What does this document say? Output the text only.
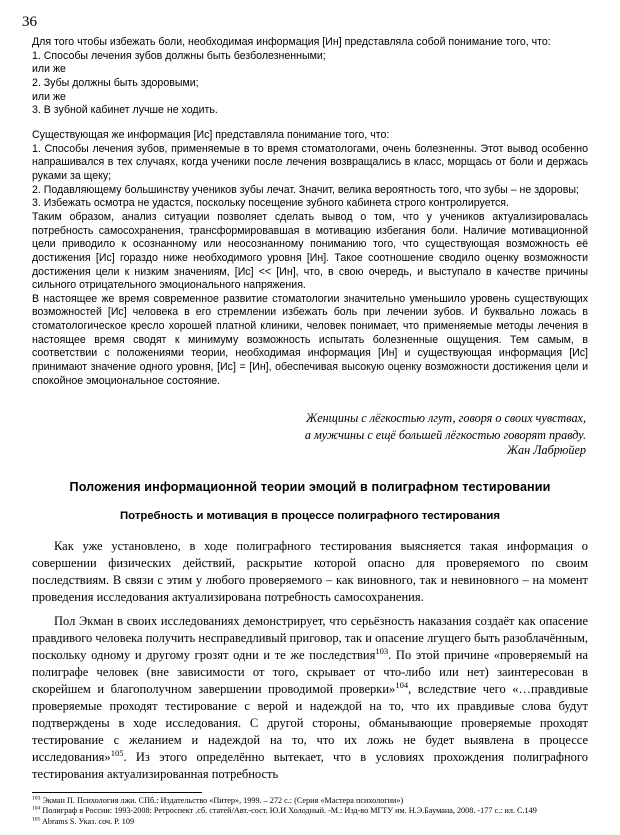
36

Для того чтобы избежать боли, необходимая информация [Ин] представляла собой понимание того, что:

1. Способы лечения зубов должны быть безболезненными;

или же

2. Зубы должны быть здоровыми;

или же

3. В зубной кабинет лучше не ходить.

Существующая же информация [Ис] представляла понимание того, что:

1. Способы лечения зубов, применяемые в то время стоматологами, очень болезненны. Этот вывод особенно напрашивался в тех случаях, когда ученики после лечения возвращались в класс, морщась от боли и держась руками за щеку;

2. Подавляющему большинству учеников зубы лечат. Значит, велика вероятность того, что зубы – не здоровы;

3. Избежать осмотра не удастся, поскольку посещение зубного кабинета строго контролируется.

Таким образом, анализ ситуации позволяет сделать вывод о том, что у учеников актуализировалась потребность самосохранения, трансформировавшая в мотивацию избегания боли. Наличие мотивационной цели приводило к осознанному или неосознанному пониманию того, что существующая возможность её достижения [Ис] гораздо ниже необходимого уровня [Ин]. Такое соотношение сводило оценку возможности достижения цели к низким значениям, [Ис] << [Ин], что, в свою очередь, и выступало в качестве причины сильного отрицательного эмоционального напряжения.

В настоящее же время современное развитие стоматологии значительно уменьшило уровень существующих возможностей [Ис] человека в его стремлении избежать боль при лечении зубов. И буквально ложась в стоматологическое кресло хорошей платной клиники, человек понимает, что применяемые методы лечения в настоящее время сводят к минимуму возможность испытать болезненные ощущения. Тем самым, в соответствии с положениями теории, необходимая информация [Ин] и существующая информация [Ис] принимают значение одного уровня, [Ис] = [Ин], обеспечивая высокую оценку возможности достижения цели и спокойное эмоциональное состояние.

Женщины с лёгкостью лгут, говоря о своих чувствах,

а мужчины с ещё большей лёгкостью говорят правду.

Жан Лабрюйер

Положения информационной теории эмоций в полиграфном тестировании
Потребность и мотивация в процессе полиграфного тестирования

Как уже установлено, в ходе полиграфного тестирования выясняется такая информация о совершении физических действий, раскрытие которой опасно для проверяемого по своим последствиям. В связи с этим у любого проверяемого – как виновного, так и невиновного – на момент проведения исследования актуализирована потребность самосохранения.

Пол Экман в своих исследованиях демонстрирует, что серьёзность наказания создаёт как опасение правдивого человека получить несправедливый приговор, так и опасение лгущего быть разоблачённым, поскольку одному и другому грозят одни и те же последствия$^{103}$. По этой причине «проверяемый на полиграфе человек (вне зависимости от того, скрывает от что-либо или нет) заинтересован в скорейшем и благополучном завершении проводимой проверки»$^{104}$, вследствие чего «…правдивые проверяемые проходят тестирование с верой и надеждой на то, что их правдивые слова будут подтверждены в ходе исследования. С другой стороны, обманывающие проверяемые проходят тестирование с желанием и надеждой на то, что их ложь не будет выявлена в процессе исследования»$^{105}$. Из этого определённо вытекает, что в условиях прохождения полиграфного тестирования актуализированная потребность

$^{103}$ Экман П. Психология лжи. СПб.: Издательство «Питер», 1999. – 272 с.: (Серия «Мастера психологии»)

$^{104}$ Полиграф в России: 1993-2008: Ретроспект .сб. статей/Авт.-сост. Ю.И Холодный. -М.: Изд-во МГТУ им. Н.Э.Баумана, 2008. -177 с.: ил. С.149

$^{105}$ Abrams S. Указ. соч. Р. 109
